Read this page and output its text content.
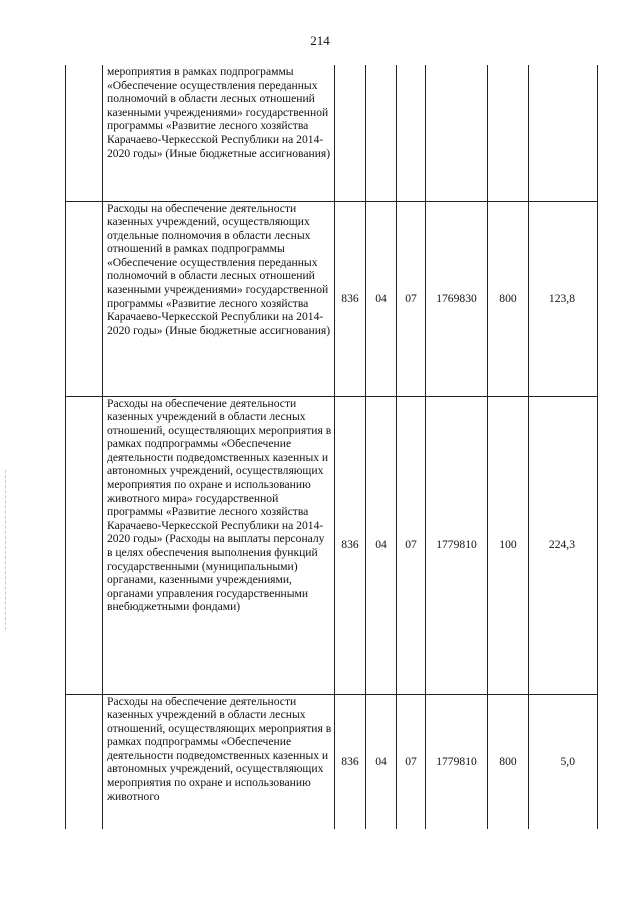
214
	мероприятия в рамках подпрограммы «Обеспечение осуществления переданных полномочий в области лесных отношений казенными учреждениями» государственной программы «Развитие лесного хозяйства Карачаево-Черкесской Республики на 2014-2020 годы» (Иные бюджетные ассигнования)						
	Расходы на обеспечение деятельности казенных учреждений, осуществляющих отдельные полномочия в области лесных отношений в рамках подпрограммы «Обеспечение осуществления переданных полномочий в области лесных отношений казенными учреждениями» государственной программы «Развитие лесного хозяйства Карачаево-Черкесской Республики на 2014-2020 годы» (Иные бюджетные ассигнования)	836	04	07	1769830	800	123,8
	Расходы на обеспечение деятельности казенных учреждений в области лесных отношений, осуществляющих мероприятия в рамках подпрограммы «Обеспечение деятельности подведомственных казенных и автономных учреждений, осуществляющих мероприятия по охране и использованию животного мира» государственной программы «Развитие лесного хозяйства Карачаево-Черкесской Республики на 2014-2020 годы» (Расходы на выплаты персоналу в целях обеспечения выполнения функций государственными (муниципальными) органами, казенными учреждениями, органами управления государственными внебюджетными фондами)	836	04	07	1779810	100	224,3
	Расходы на обеспечение деятельности казенных учреждений в области лесных отношений, осуществляющих мероприятия в рамках подпрограммы «Обеспечение деятельности подведомственных казенных и автономных учреждений, осуществляющих мероприятия по охране и использованию животного	836	04	07	1779810	800	5,0
